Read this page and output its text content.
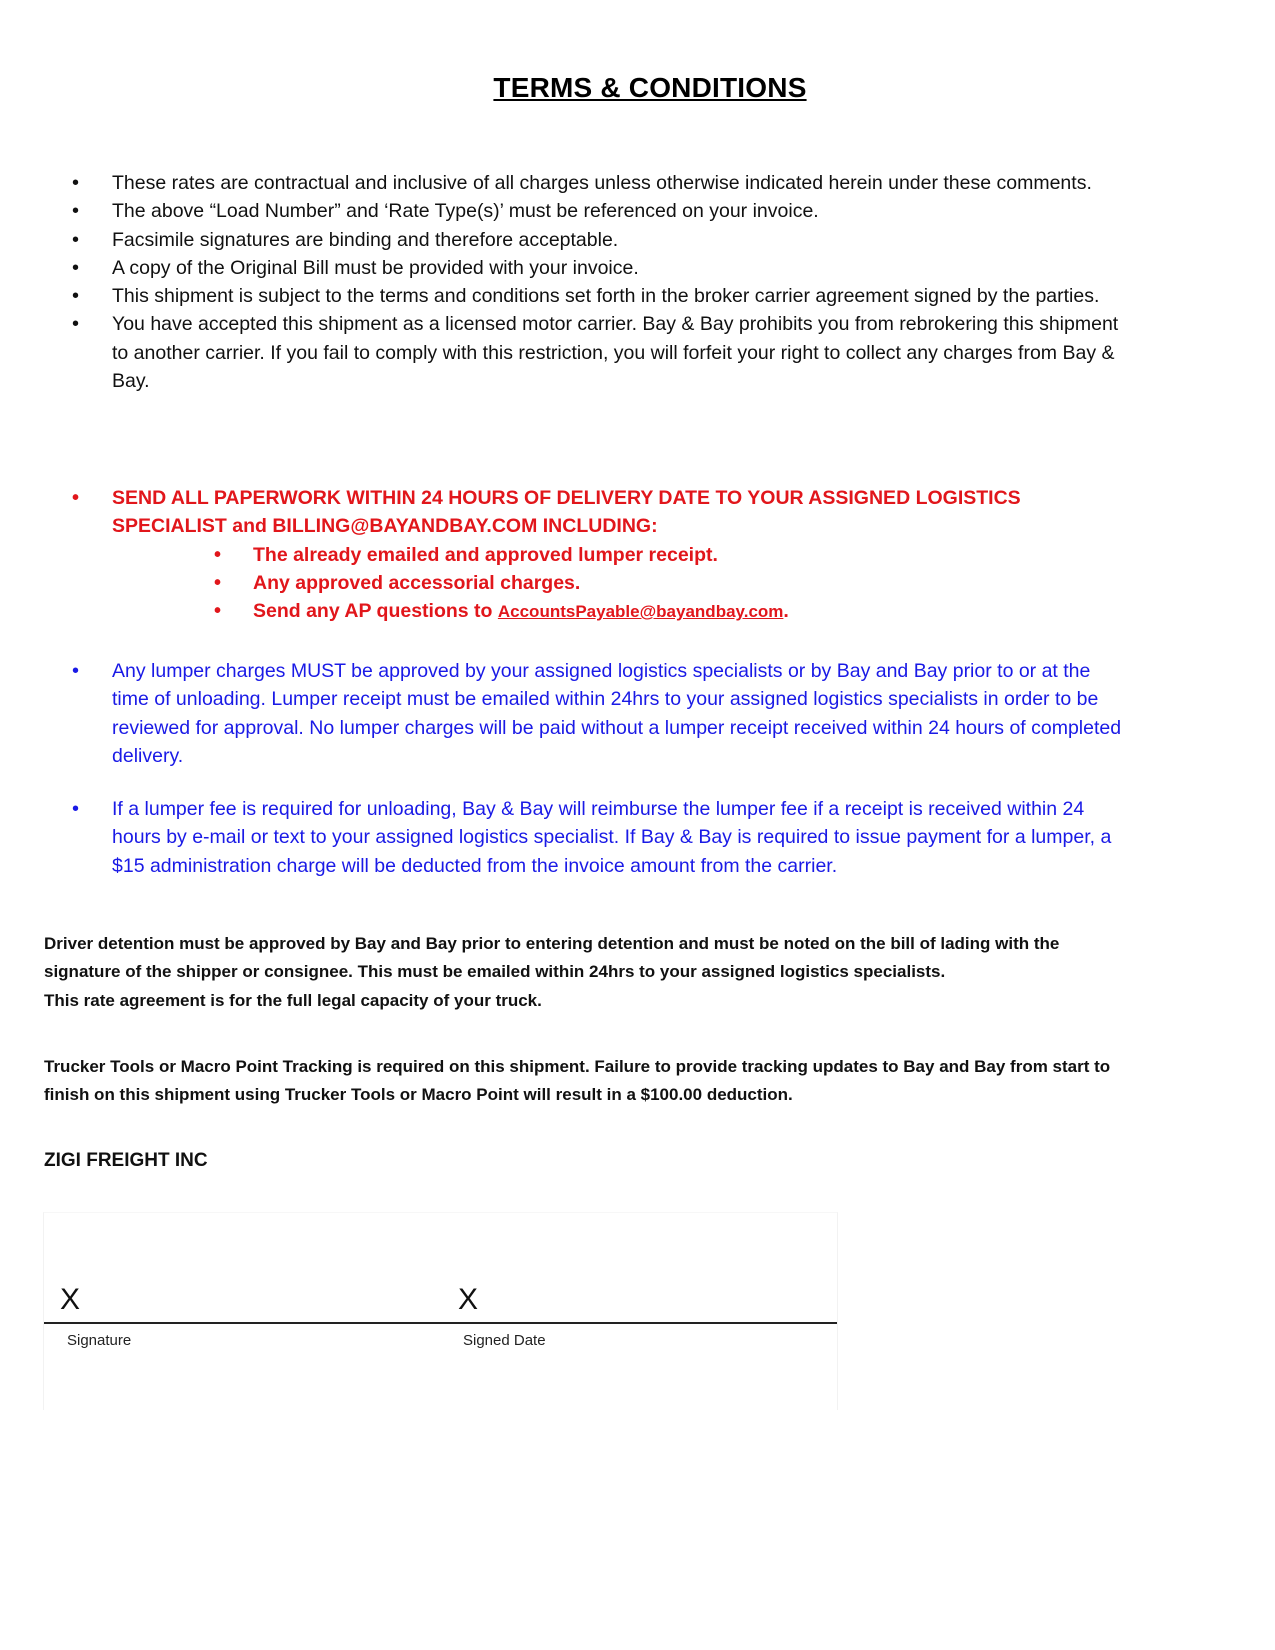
TERMS & CONDITIONS
• These rates are contractual and inclusive of all charges unless otherwise indicated herein under these comments.
• The above “Load Number” and ‘Rate Type(s)’ must be referenced on your invoice.
• Facsimile signatures are binding and therefore acceptable.
• A copy of the Original Bill must be provided with your invoice.
• This shipment is subject to the terms and conditions set forth in the broker carrier agreement signed by the parties.
• You have accepted this shipment as a licensed motor carrier. Bay & Bay prohibits you from rebrokering this shipment to another carrier. If you fail to comply with this restriction, you will forfeit your right to collect any charges from Bay & Bay.
• SEND ALL PAPERWORK WITHIN 24 HOURS OF DELIVERY DATE TO YOUR ASSIGNED LOGISTICS SPECIALIST and BILLING@BAYANDBAY.COM INCLUDING:
• The already emailed and approved lumper receipt.
• Any approved accessorial charges.
• Send any AP questions to AccountsPayable@bayandbay.com.
• Any lumper charges MUST be approved by your assigned logistics specialists or by Bay and Bay prior to or at the time of unloading. Lumper receipt must be emailed within 24hrs to your assigned logistics specialists in order to be reviewed for approval. No lumper charges will be paid without a lumper receipt received within 24 hours of completed delivery.
• If a lumper fee is required for unloading, Bay & Bay will reimburse the lumper fee if a receipt is received within 24 hours by e-mail or text to your assigned logistics specialist. If Bay & Bay is required to issue payment for a lumper, a $15 administration charge will be deducted from the invoice amount from the carrier.

Driver detention must be approved by Bay and Bay prior to entering detention and must be noted on the bill of lading with the signature of the shipper or consignee. This must be emailed within 24hrs to your assigned logistics specialists.

This rate agreement is for the full legal capacity of your truck.

Trucker Tools or Macro Point Tracking is required on this shipment. Failure to provide tracking updates to Bay and Bay from start to finish on this shipment using Trucker Tools or Macro Point will result in a $100.00 deduction.

ZIGI FREIGHT INC

X	X
Signature	Signed Date
